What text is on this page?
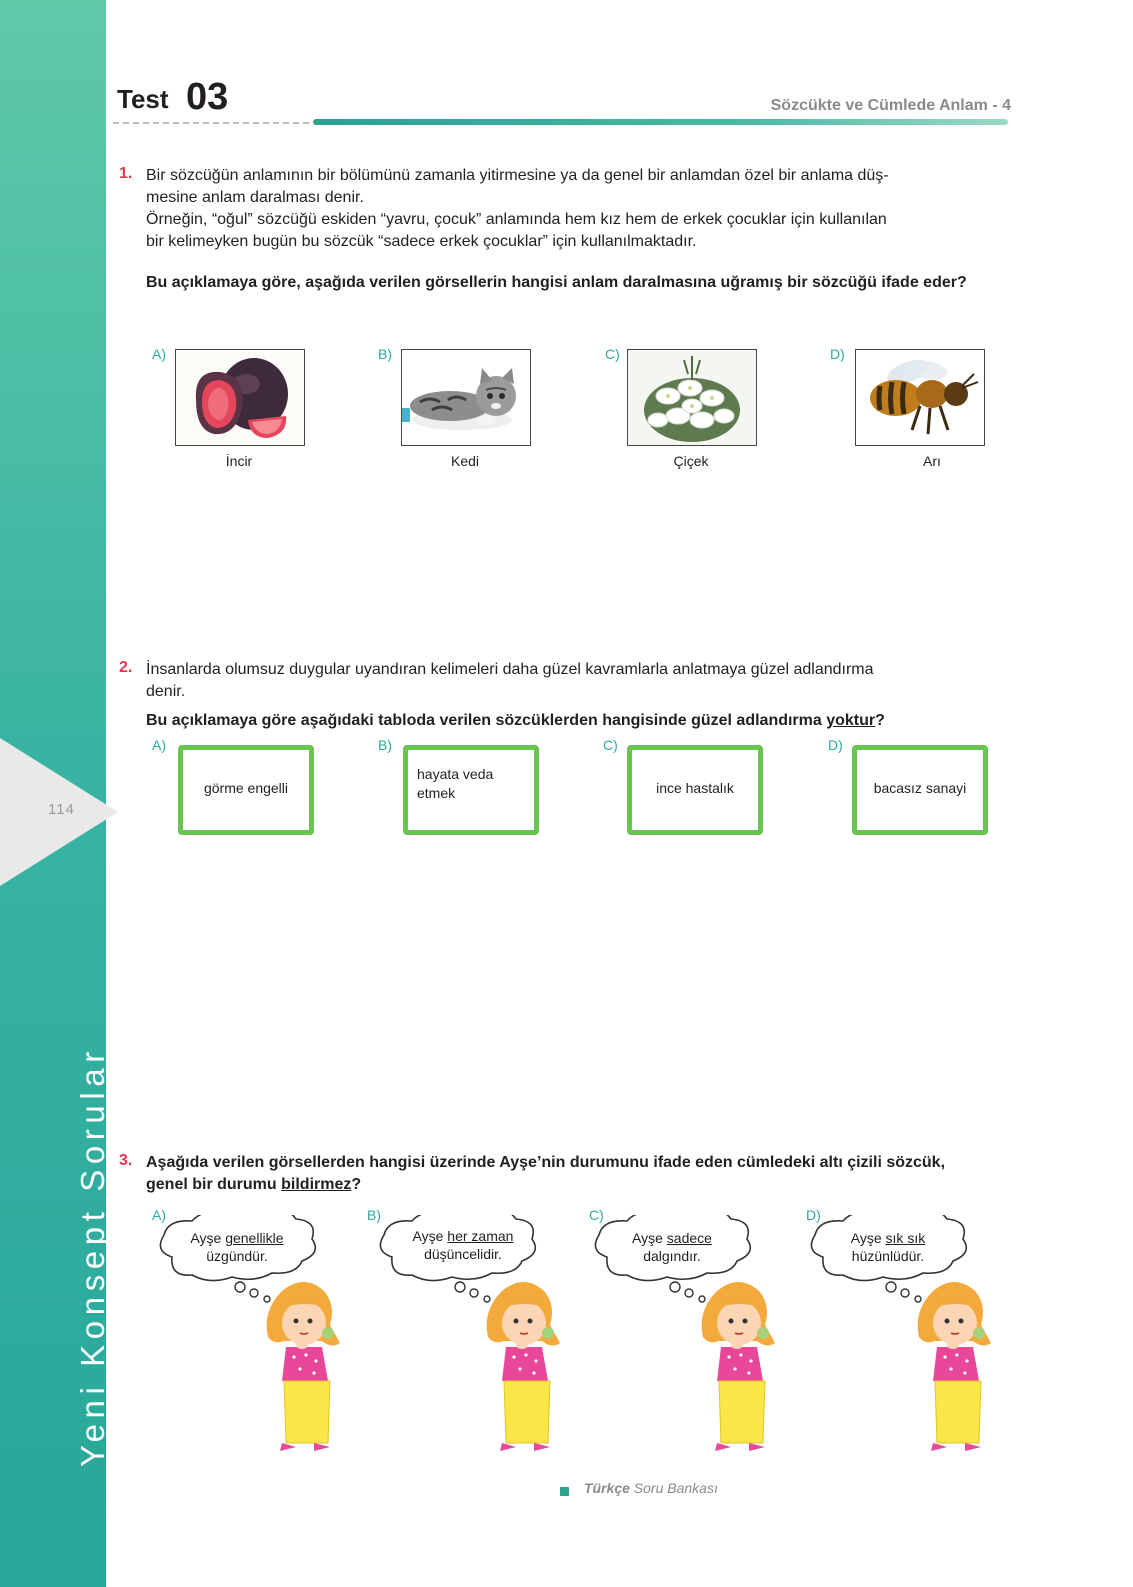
114
Yeni Konsept Sorular
Test 03	Sözcükte ve Cümlede Anlam - 4
1. Bir sözcüğün anlamının bir bölümünü zamanla yitirmesine ya da genel bir anlamdan özel bir anlama düş-
mesine anlam daralması denir.
Örneğin, “oğul” sözcüğü eskiden “yavru, çocuk” anlamında hem kız hem de erkek çocuklar için kullanılan
bir kelimeyken bugün bu sözcük “sadece erkek çocuklar” için kullanılmaktadır.
Bu açıklamaya göre, aşağıda verilen görsellerin hangisi anlam daralmasına uğramış bir sözcüğü ifade eder?
A)
İncir
B)
Kedi
C)
Çiçek
D)
Arı
2. İnsanlarda olumsuz duygular uyandıran kelimeleri daha güzel kavramlarla anlatmaya güzel adlandırma
denir.
Bu açıklamaya göre aşağıdaki tabloda verilen sözcüklerden hangisinde güzel adlandırma yoktur?
A)
görme engelli
B)
hayata veda etmek
C)
ince hastalık
D)
bacasız sanayi
3. Aşağıda verilen görsellerden hangisi üzerinde Ayşe’nin durumunu ifade eden cümledeki altı çizili sözcük,
genel bir durumu bildirmez?
A)
Ayşe genellikle
üzgündür.
B)
Ayşe her zaman
düşüncelidir.
C)
Ayşe sadece
dalgındır.
D)
Ayşe sık sık
hüzünlüdür.
Türkçe Soru Bankası
